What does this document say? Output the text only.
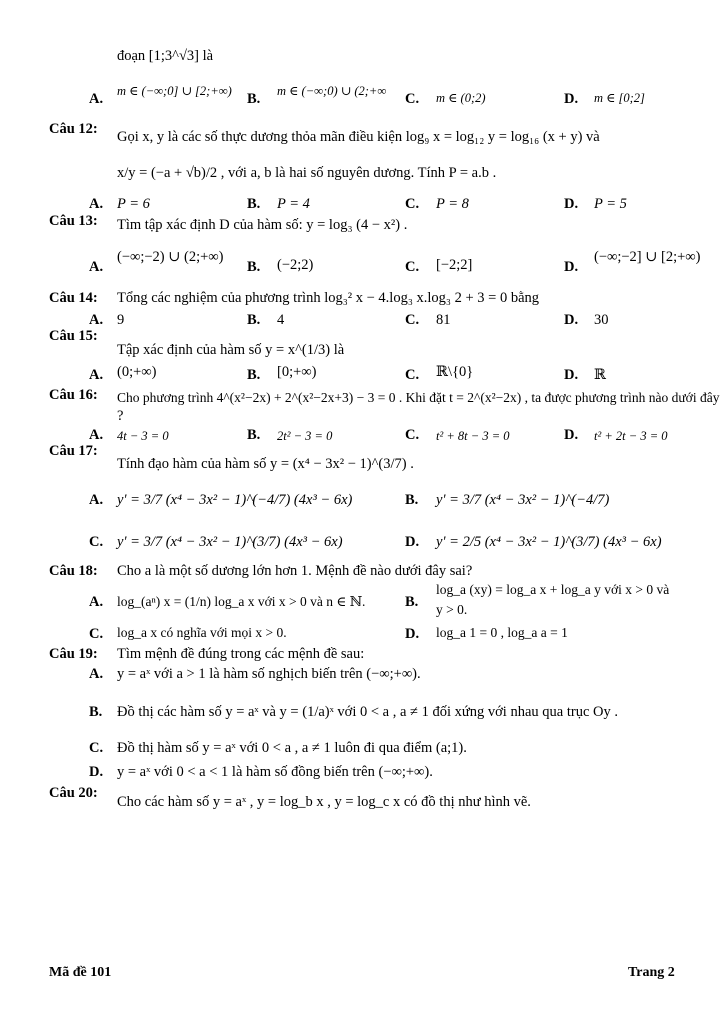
đoạn [1;3^√3] là
A. m ∈ (−∞;0] ∪ [2;+∞) B. m ∈ (−∞;0) ∪ (2;+∞ C. m ∈ (0;2)	D. m ∈ [0;2]
Câu 12: Gọi x, y là các số thực dương thỏa mãn điều kiện log₉ x = log₁₂ y = log₁₆ (x + y) và
x/y = (−a + √b)/2 , với a, b là hai số nguyên dương. Tính P = a.b .
A. P = 6	B. P = 4	C. P = 8	D. P = 5
Câu 13: Tìm tập xác định D của hàm số: y = log₃ (4 − x²) .
A.
(−∞;−2) ∪ (2;+∞)
B. (−2;2)	C. [−2;2]	D.
(−∞;−2] ∪ [2;+∞)
Câu 14: Tổng các nghiệm của phương trình log₃² x − 4.log₃ x.log₃ 2 + 3 = 0 bằng
A. 9	B. 4	C. 81	D. 30
Câu 15:
Tập xác định của hàm số y = x^(1/3) là
A. (0;+∞)	B. [0;+∞)	C. ℝ\{0}	D. ℝ
Câu 16: Cho phương trình 4^(x²−2x) + 2^(x²−2x+3) − 3 = 0 . Khi đặt t = 2^(x²−2x) , ta được phương trình nào dưới đây
?
A. 4t − 3 = 0	B. 2t² − 3 = 0	C. t² + 8t − 3 = 0	D. t² + 2t − 3 = 0
Câu 17:
Tính đạo hàm của hàm số y = (x⁴ − 3x² − 1)^(3/7) .
A. y' = 3/7 (x⁴ − 3x² − 1)^(−4/7) (4x³ − 6x)	B. y' = 3/7 (x⁴ − 3x² − 1)^(−4/7)
C. y' = 3/7 (x⁴ − 3x² − 1)^(3/7) (4x³ − 6x)	D. y' = 2/5 (x⁴ − 3x² − 1)^(3/7) (4x³ − 6x)
Câu 18: Cho a là một số dương lớn hơn 1. Mệnh đề nào dưới đây sai?
A. log_(aⁿ) x = (1/n) log_a x với x > 0 và n ∈ ℕ.	B.
log_a (xy) = log_a x + log_a y với x > 0 và
y > 0.
C. log_a x có nghĩa với mọi x > 0.	D. log_a 1 = 0 , log_a a = 1
Câu 19: Tìm mệnh đề đúng trong các mệnh đề sau:
A. y = aˣ với a > 1 là hàm số nghịch biến trên (−∞;+∞).
B. Đồ thị các hàm số y = aˣ và y = (1/a)ˣ với 0 < a , a ≠ 1 đối xứng với nhau qua trục Oy .
C. Đồ thị hàm số y = aˣ với 0 < a , a ≠ 1 luôn đi qua điểm (a;1).
D. y = aˣ với 0 < a < 1 là hàm số đồng biến trên (−∞;+∞).
Câu 20:
Cho các hàm số y = aˣ , y = log_b x , y = log_c x có đồ thị như hình vẽ.
Mã đề 101	Trang 2
